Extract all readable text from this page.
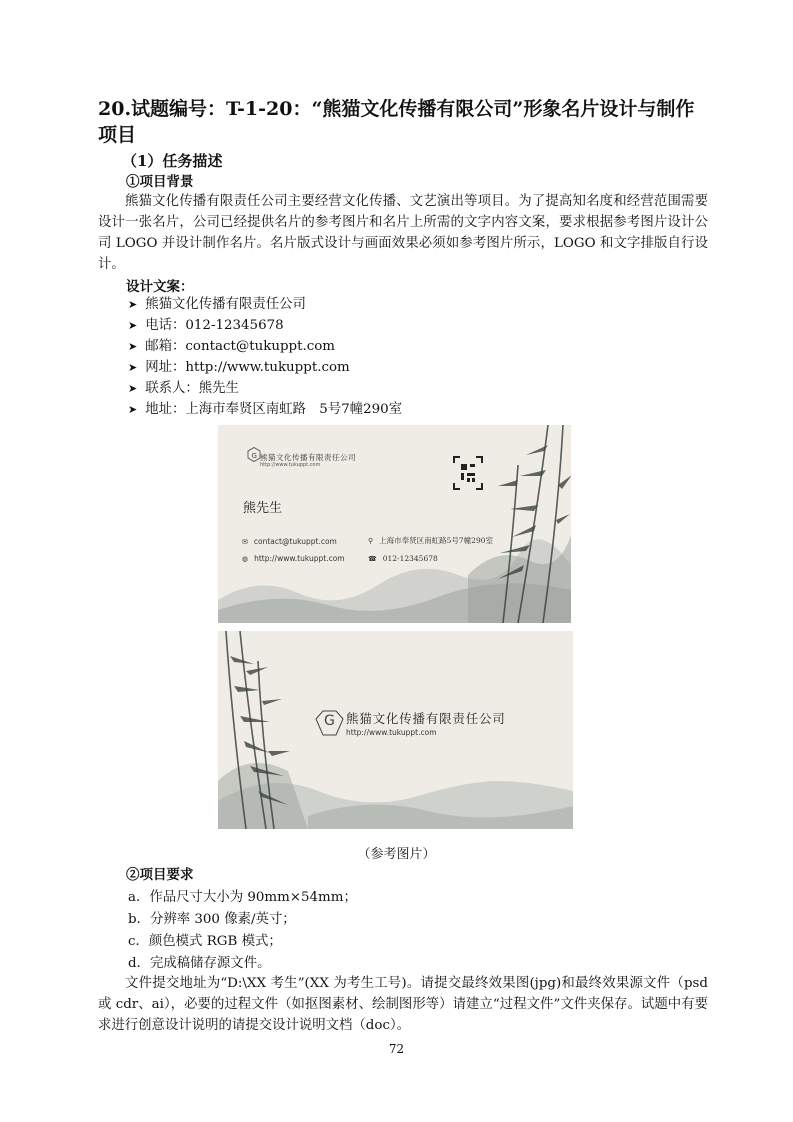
20.试题编号：T-1-20：“熊猫文化传播有限公司”形象名片设计与制作项目
（1）任务描述
①项目背景
熊猫文化传播有限责任公司主要经营文化传播、文艺演出等项目。为了提高知名度和经营范围需要设计一张名片，公司已经提供名片的参考图片和名片上所需的文字内容文案，要求根据参考图片设计公司 LOGO 并设计制作名片。名片版式设计与画面效果必须如参考图片所示，LOGO 和文字排版自行设计。
设计文案：
➤ 熊猫文化传播有限责任公司
➤ 电话：012-12345678
➤ 邮箱：contact@tukuppt.com
➤ 网址：http://www.tukuppt.com
➤ 联系人：熊先生
➤ 地址：上海市奉贤区南虹路　5号7幢290室
G 熊猫文化传播有限责任公司
http://www.tukuppt.com
熊先生
✉ contact@tukuppt.com
◍ http://www.tukuppt.com
⚲ 上海市奉贤区南虹路5号7幢290室
☎ 012-12345678
G 熊猫文化传播有限责任公司
http://www.tukuppt.com
（参考图片）
②项目要求
a．作品尺寸大小为 90mm×54mm；
b．分辨率 300 像素/英寸；
c．颜色模式 RGB 模式；
d．完成稿储存源文件。
文件提交地址为“D:\XX 考生”(XX 为考生工号)。请提交最终效果图(jpg)和最终效果源文件（psd 或 cdr、ai），必要的过程文件（如抠图素材、绘制图形等）请建立“过程文件”文件夹保存。试题中有要求进行创意设计说明的请提交设计说明文档（doc）。
72
